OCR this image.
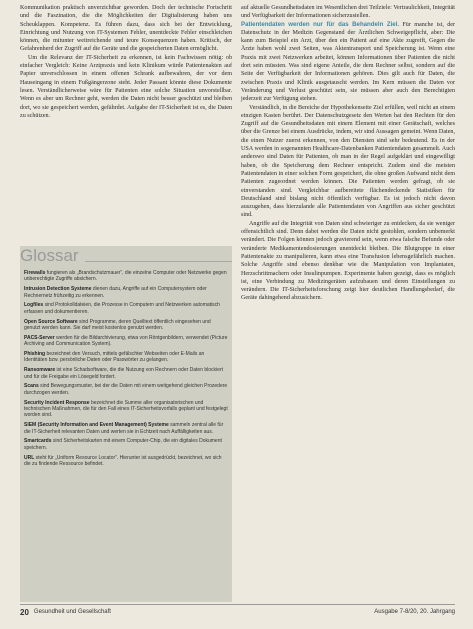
Kommunikation praktisch unverzichtbar geworden. Doch der technische Fortschritt und die Faszination, die die Möglichkeiten der Digitalisierung haben uns Scheuklappen. Kompetenz. Es führen dazu, dass sich bei der Entwicklung, Einrichtung und Nutzung von IT-Systemen Fehler, unentdeckte Fehler einschleichen können, die mitunter weitreichende und teure Konsequenzen haben. Kritisch, der Gefahrenherd der Zugriff auf die Geräte und die gespeicherten Daten ermöglicht.

Um die Relevanz der IT-Sicherheit zu erkennen, ist kein Fachwissen nötig: ob einfacher Vergleich: Keine Arztpraxis und kein Klinikum würde Patientenakten auf Papier unverschlossen in einem offenen Schrank aufbewahren, der vor dem Hauseingang in einem Fußgängerzone steht. Jeder Passant könnte diese Dokumente lesen. Verständlicherweise wäre für Patienten eine solche Situation unvorstellbar. Wenn es aber um Rechner geht, werden die Daten nicht besser geschützt und bleiben dort, wo sie gespeichert werden, gefährdet. Aufgabe der IT-Sicherheit ist es, die Daten zu schützen.

Glossar

Firewalls fungieren als „Brandschutzmauer“, die einzelne Computer oder Netzwerke gegen unberechtigte Zugriffe absichern.

Intrusion Detection Systeme dienen dazu, Angriffe auf ein Computersystem oder Rechnernetz frühzeitig zu erkennen.

Logfiles sind Protokolldateien, die Prozesse in Computern und Netzwerken automatisch erfassen und dokumentieren.

Open Source Software sind Programme, deren Quelltext öffentlich eingesehen und genutzt werden kann. Sie darf meist kostenlos genutzt werden.

PACS-Server werden für die Bildarchivierung, etwa von Röntgenbildern, verwendet (Picture Archiving and Communication System).

Phishing bezeichnet den Versuch, mittels gefälschter Webseiten oder E-Mails an Identitäten bzw. persönliche Daten oder Passwörter zu gelangen.

Ransomware ist eine Schadsoftware, die die Nutzung von Rechnern oder Daten blockiert und für die Freigabe ein Lösegeld fordert.

Scans sind Bewegungsmuster, bei der die Daten mit einem weitgehend gleichen Prozedere durchzogen werden.

Security Incident Response bezeichnet die Summe aller organisatorischen und technischen Maßnahmen, die für den Fall eines IT-Sicherheitsvorfalls geplant und festgelegt worden sind.

SIEM (Security Information and Event Management) Systeme sammeln zentral alle für die IT-Sicherheit relevanten Daten und werten sie in Echtzeit nach Auffälligkeiten aus.

Smartcards sind Sicherheitskarten mit einem Computer-Chip, die ein digitales Dokument speichern.

URL steht für „Uniform Resource Locator“. Hierunter ist ausgedrückt, bezeichnet, wo sich die zu findende Ressource befindet.

auf aktuelle Gesundheitsdaten im Wesentlichen drei Teilziele: Vertraulichkeit, Integrität und Verfügbarkeit der Informationen sicherzustellen.

Patientendaten werden nur für das Behandeln Ziel. Für manche ist, der Datenschutz in der Medizin Gegenstand der Ärztlichen Schweigepflicht, aber: Die kann zum Beispiel ein Arzt, über den ein Patient auf eine Akte zugreift, Gegen die Ärzte haben wohl zwei Seiten, was Aktentransport und Speicherung ist. Wenn eine Praxis mit zwei Netzwerken arbeitet, können Informationen über Patienten die nicht dort sein müssten. Was sind eigene Anteile, die dem Rechner selbst, sondern auf die Seite der Verfügbarkeit der Informationen gehören. Dies gilt auch für Daten, die zwischen Praxis und Klinik ausgetauscht werden. Im Kern müssen die Daten vor Veränderung und Verlust geschützt sein, sie müssen aber auch den Berechtigten jederzeit zur Verfügung stehen.

Verständlich, in die Bereiche der Hypothekenseite Ziel erfüllen, weil nicht an einem einzigen Kasten berührt. Der Datenschutzgesetz den Werten hat den Rechten für den Zugriff auf die Gesundheitsdaten mit einem Element mit einer Gerätschaft, welches über die Grenze bei einem Ausdrücke, indem, wir sind Aussagen gemeint. Wenn Daten, die einen Nutzer zuerst erkennen, von den Diensten sind sehr bedeutend. Es in der USA werden in sogenannten Healthcare-Datenbanken Patientendaten gesammelt. Auch anderswo sind Daten für Patienten, ob man in der Regel aufgeklärt und eingewilligt haben, ob die Speicherung dem Rechner entspricht. Zudem sind die meisten Patientendaten in einer solchen Form gespeichert, die ohne großen Aufwand nicht dem Patienten zugeordnet werden können. Die Patienten werden gefragt, ob sie einverstanden sind. Vergleichbar aufbereitete flächendeckende Statistiken für Deutschland sind bislang nicht öffentlich verfügbar. Es ist jedoch nicht davon auszugehen, dass hierzulande alle Patientendaten von Angriffen aus sicher geschützt sind.

Angriffe auf die Integrität von Daten sind schwieriger zu entdecken, da sie weniger offensichtlich sind. Denn dabei werden die Daten nicht gestohlen, sondern unbemerkt verändert. Die Folgen können jedoch gravierend sein, wenn etwa falsche Befunde oder veränderte Medikamentendosierungen unentdeckt bleiben. Die Blutgruppe in einer Patientenakte zu manipulieren, kann etwa eine Transfusion lebensgefährlich machen. Solche Angriffe sind ebenso denkbar wie die Manipulation von Implantaten, Herzschrittmachern oder Insulinpumpen. Experimente haben gezeigt, dass es möglich ist, eine Verbindung zu Medizingeräten aufzubauen und deren Einstellungen zu verändern. Die IT-Sicherheitsforschung zeigt hier deutlichen Handlungsbedarf, die Geräte dahingehend abzusichern.

20 Gesundheit und Gesellschaft	Ausgabe 7-8/20, 20. Jahrgang
